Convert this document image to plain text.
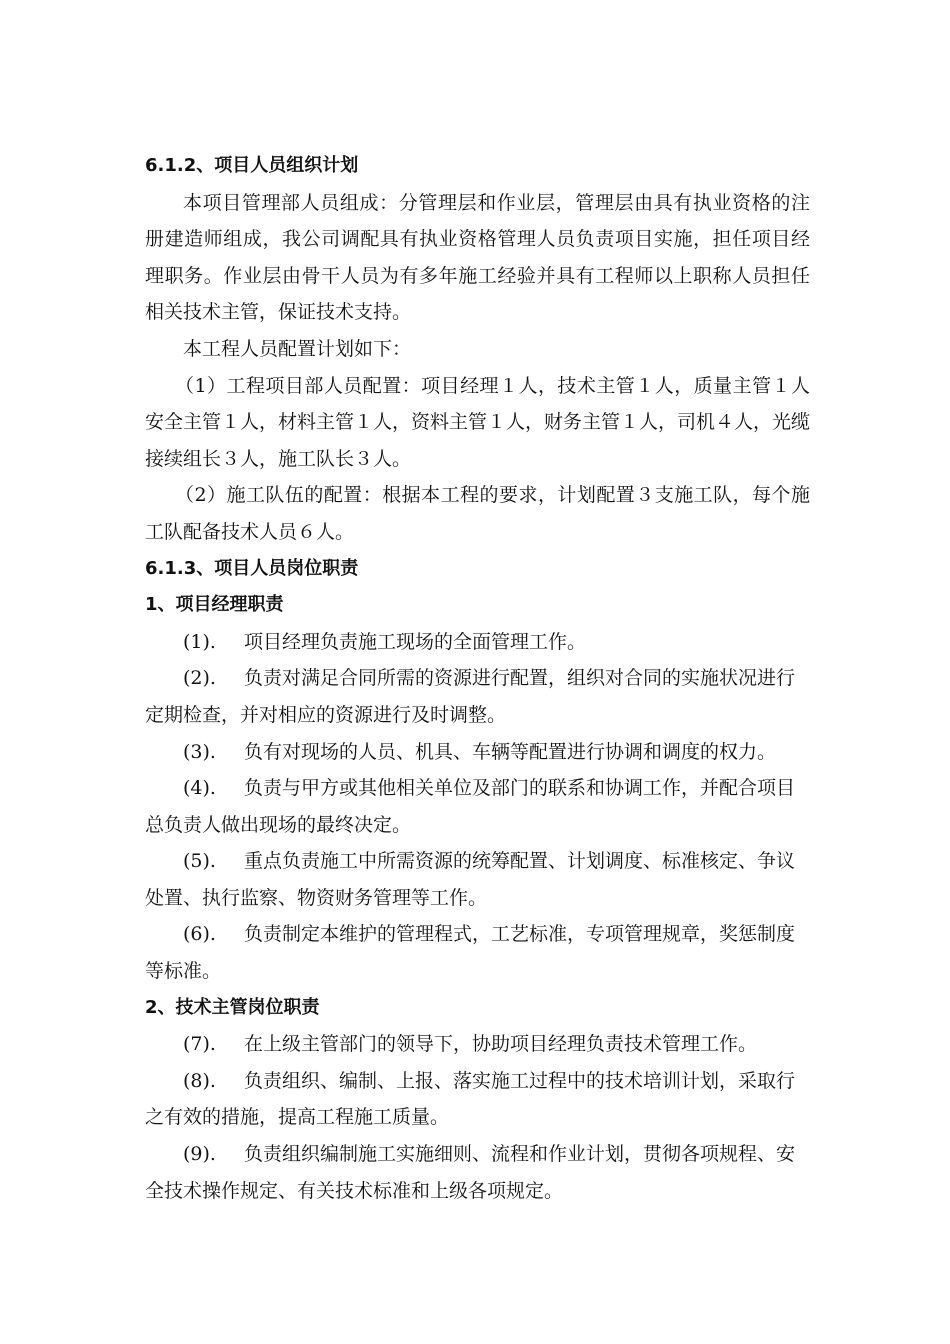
6.1.2、项目人员组织计划
本项目管理部人员组成：分管理层和作业层，管理层由具有执业资格的注
册建造师组成，我公司调配具有执业资格管理人员负责项目实施，担任项目经
理职务。作业层由骨干人员为有多年施工经验并具有工程师以上职称人员担任
相关技术主管，保证技术支持。
本工程人员配置计划如下：
（1）工程项目部人员配置：项目经理１人，技术主管１人，质量主管１人
安全主管１人，材料主管１人，资料主管１人，财务主管１人，司机４人，光缆
接续组长３人，施工队长３人。
（2）施工队伍的配置：根据本工程的要求，计划配置３支施工队，每个施
工队配备技术人员６人。
6.1.3、项目人员岗位职责
1、项目经理职责
(1). 项目经理负责施工现场的全面管理工作。
(2). 负责对满足合同所需的资源进行配置，组织对合同的实施状况进行
定期检查，并对相应的资源进行及时调整。
(3). 负有对现场的人员、机具、车辆等配置进行协调和调度的权力。
(4). 负责与甲方或其他相关单位及部门的联系和协调工作，并配合项目
总负责人做出现场的最终决定。
(5). 重点负责施工中所需资源的统筹配置、计划调度、标准核定、争议
处置、执行监察、物资财务管理等工作。
(6). 负责制定本维护的管理程式，工艺标准，专项管理规章，奖惩制度
等标准。
2、技术主管岗位职责
(7). 在上级主管部门的领导下，协助项目经理负责技术管理工作。
(8). 负责组织、编制、上报、落实施工过程中的技术培训计划，采取行
之有效的措施，提高工程施工质量。
(9). 负责组织编制施工实施细则、流程和作业计划，贯彻各项规程、安
全技术操作规定、有关技术标准和上级各项规定。
